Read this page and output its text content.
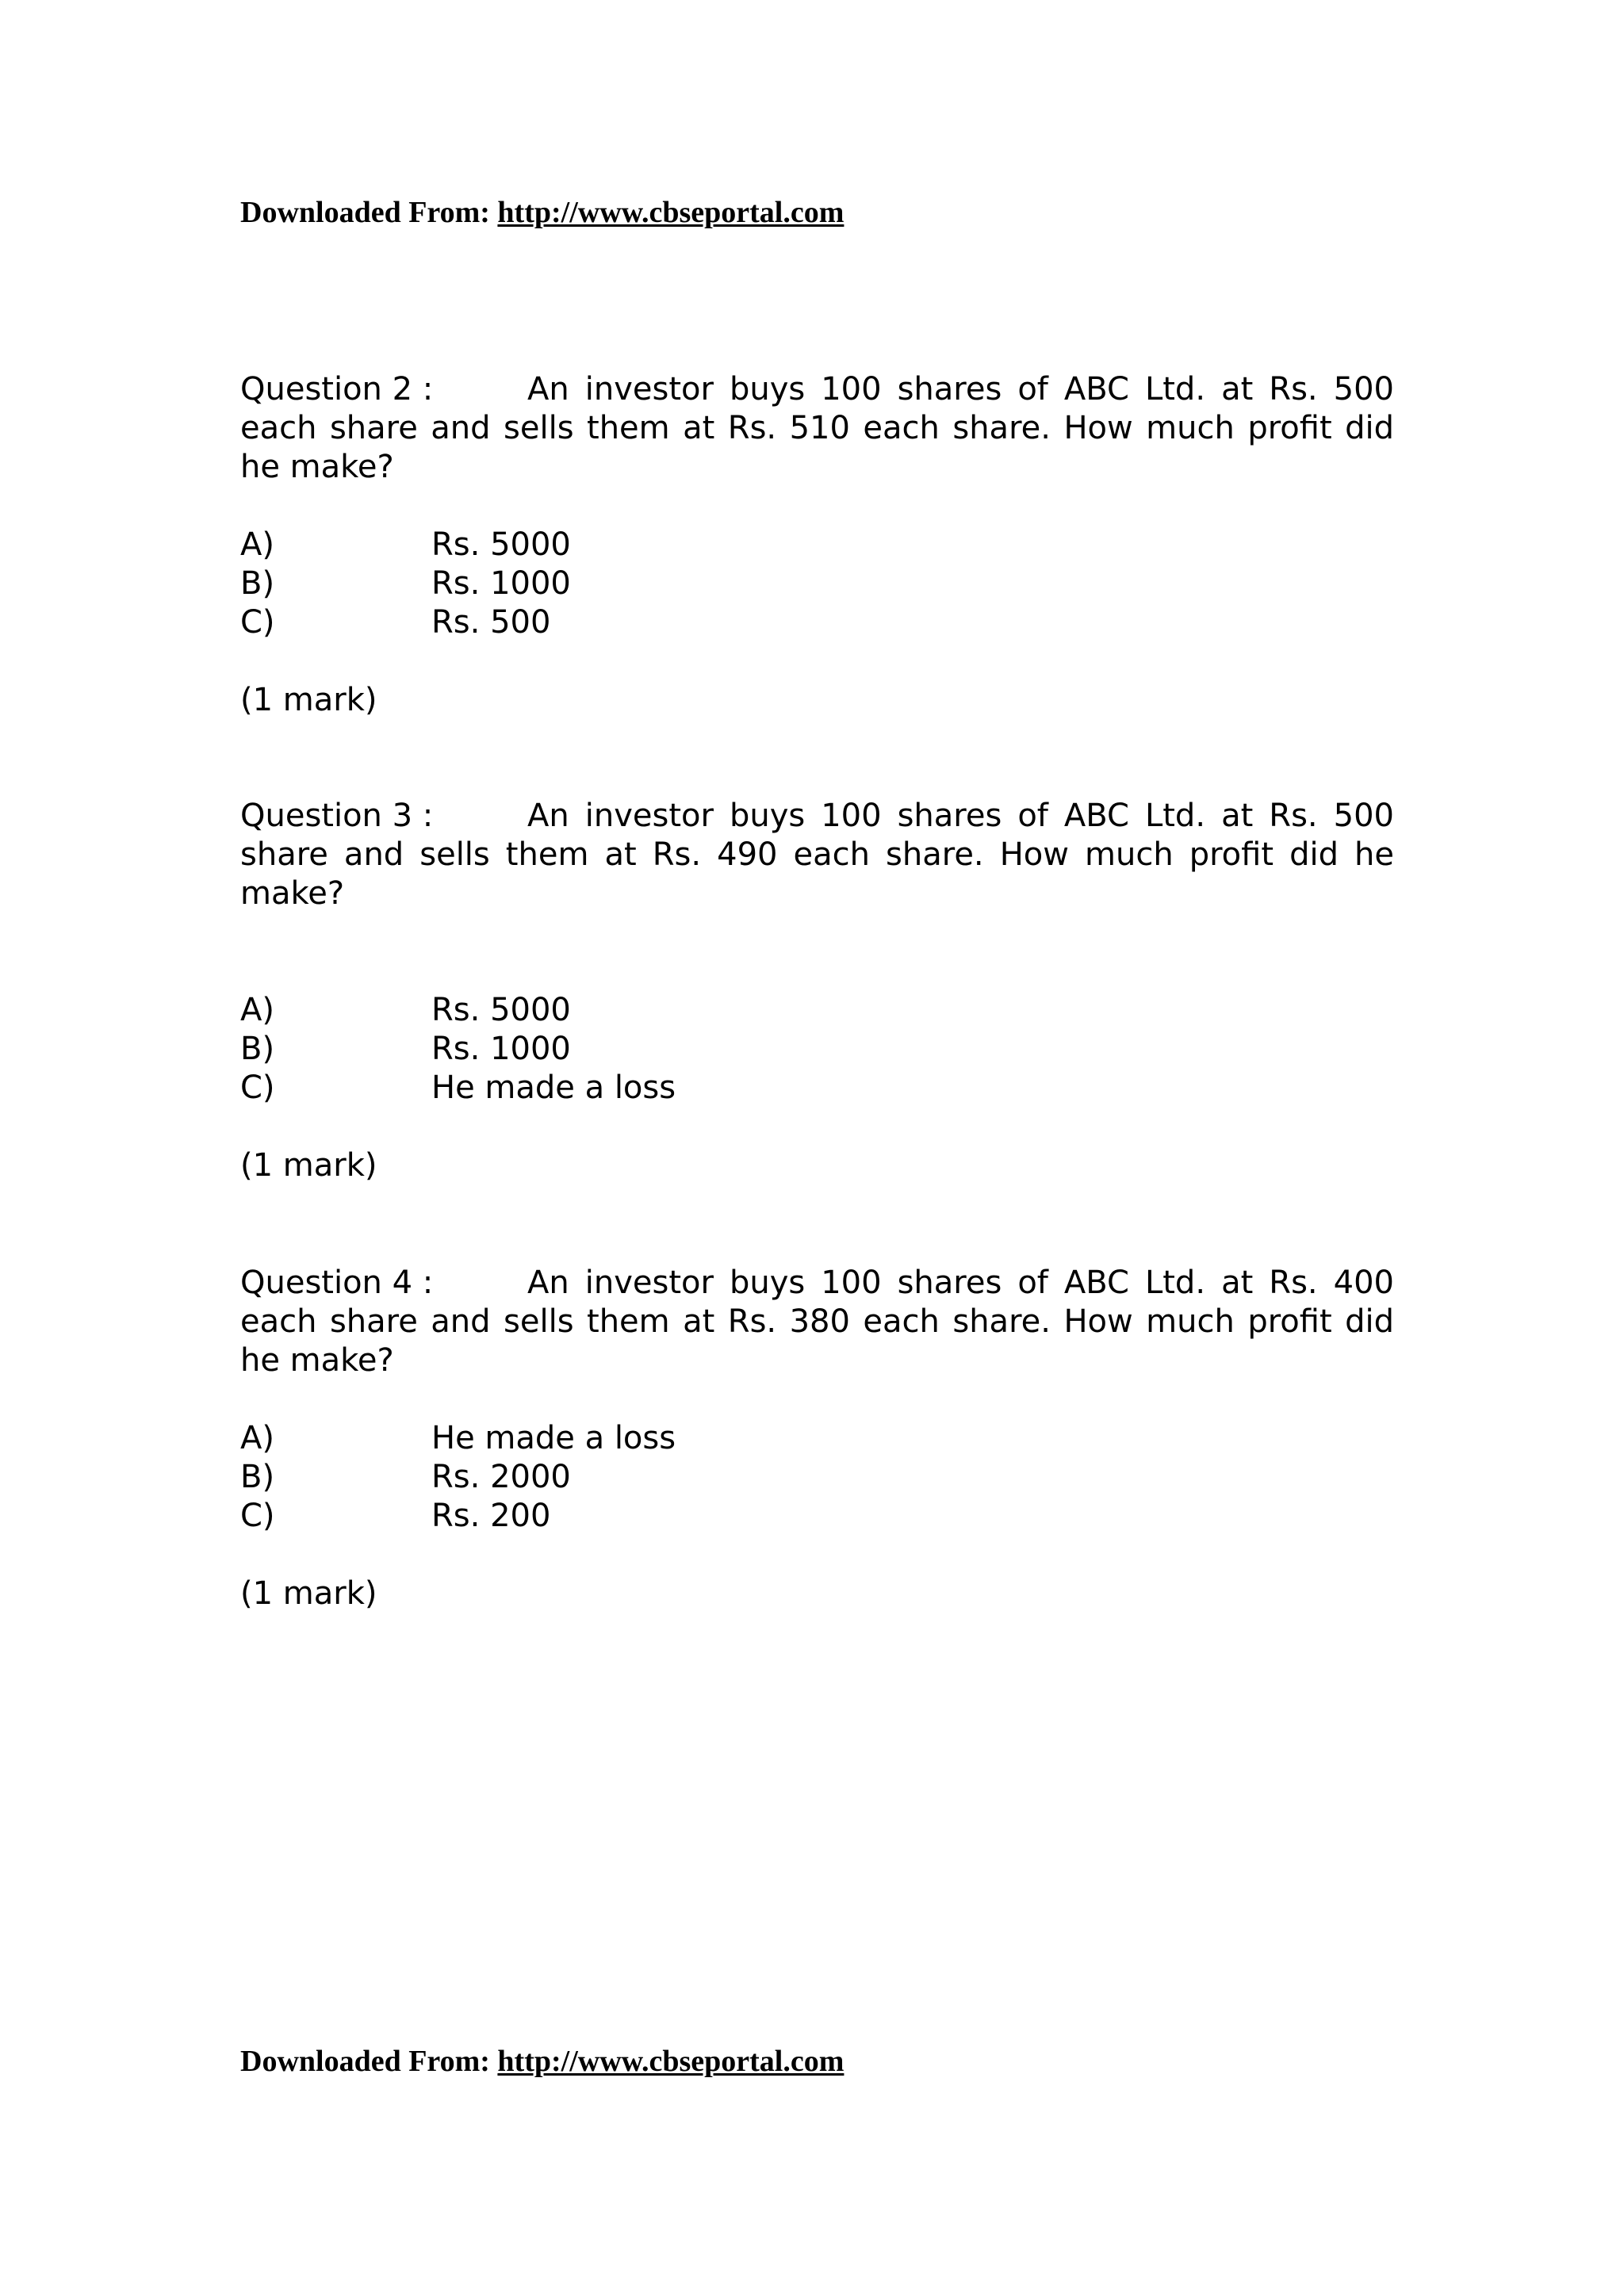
Downloaded From: http://www.cbseportal.com

Question 2 :	An investor buys 100 shares of ABC Ltd. at Rs. 500 each share and sells them at Rs. 510 each share. How much profit did he make?

A)	Rs. 5000
B)	Rs. 1000
C)	Rs. 500
(1 mark)

Question 3 :	An investor buys 100 shares of ABC Ltd. at Rs. 500 share and sells them at Rs. 490 each share. How much profit did he make?

A)	Rs. 5000
B)	Rs. 1000
C)	He made a loss
(1 mark)

Question 4 :	An investor buys 100 shares of ABC Ltd. at Rs. 400 each share and sells them at Rs. 380 each share. How much profit did he make?

A)	He made a loss
B)	Rs. 2000
C)	Rs. 200
(1 mark)
Downloaded From: http://www.cbseportal.com
